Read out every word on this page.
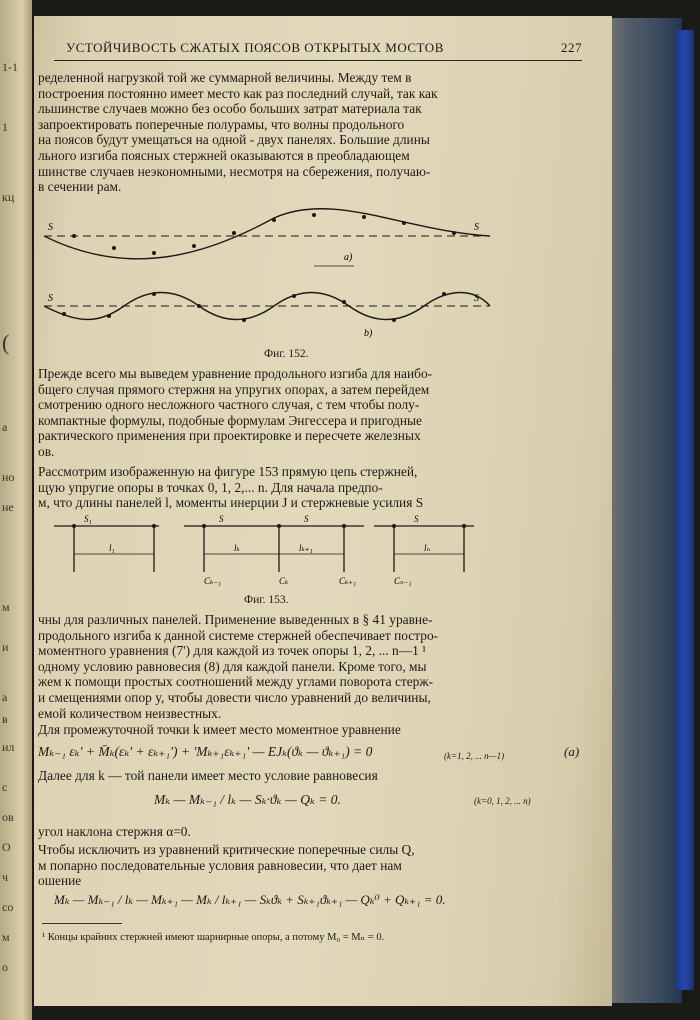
1-1
1
кц
(
а
но
не
м
и
а
в
ил
с
ов
О
ч
со
м
о
УСТОЙЧИВОСТЬ СЖАТЫХ ПОЯСОВ ОТКРЫТЫХ МОСТОВ	227
ределенной нагрузкой той же суммарной величины. Между тем в
построения постоянно имеет место как раз последний случай, так как
льшинстве случаев можно без особо больших затрат материала так
запроектировать поперечные полурамы, что волны продольного
на поясов будут умещаться на одной - двух панелях. Большие длины
льного изгиба поясных стержней оказываются в преобладающем
шинстве случаев неэкономными, несмотря на сбережения, получаю-
в сечении рам.
S	S
а)
S	S
b)
Фиг. 152.
Прежде всего мы выведем уравнение продольного изгиба для наибо-
бщего случая прямого стержня на упругих опорах, а затем перейдем
смотрению одного несложного частного случая, с тем чтобы полу-
компактные формулы, подобные формулам Энгессера и пригодные
рактического применения при проектировке и пересчете железных
ов.
Рассмотрим изображенную на фигуре 153 прямую цепь стержней,
щую упругие опоры в точках 0, 1, 2,... n. Для начала предпо-
м, что длины панелей l, моменты инерции J и стержневые усилия S
S₁	S	S	S
l₁	lₖ	lₖ₊₁	lₙ
Cₖ₋₁	Cₖ	Cₖ₊₁	Cₙ₋₁
Фиг. 153.
чны для различных панелей. Применение выведенных в § 41 уравне-
продольного изгиба к данной системе стержней обеспечивает постро-
моментного уравнения (7') для каждой из точек опоры 1, 2, ... n—1 ¹
одному условию равновесия (8) для каждой панели. Кроме того, мы
жем к помощи простых соотношений между углами поворота стерж-
и смещениями опор y, чтобы довести число уравнений до величины,
емой количеством неизвестных.
Для промежуточной точки k имеет место моментное уравнение
Mₖ₋₁ εₖ' + M̄ₖ(εₖ' + εₖ₊₁') + 'Mₖ₊₁εₖ₊₁' — EJₖ(ϑₖ — ϑₖ₊₁) = 0	(k=1, 2, ... n—1)	(а)
Далее для k — той панели имеет место условие равновесия
Mₖ — Mₖ₋₁ / lₖ — Sₖ·ϑₖ — Qₖ = 0.	(k=0, 1, 2, ... n)
угол наклона стержня α=0.
Чтобы исключить из уравнений критические поперечные силы Q,
м попарно последовательные условия равновесии, что дает нам
ошение
Mₖ — Mₖ₋₁ / lₖ — Mₖ₊₁ — Mₖ / lₖ₊₁ — Sₖϑₖ + Sₖ₊₁ϑₖ₊₁ — Qₖ⁰ + Qₖ₊₁ = 0.
¹ Концы крайних стержней имеют шарнирные опоры, а потому M₀ = Mₙ = 0.
